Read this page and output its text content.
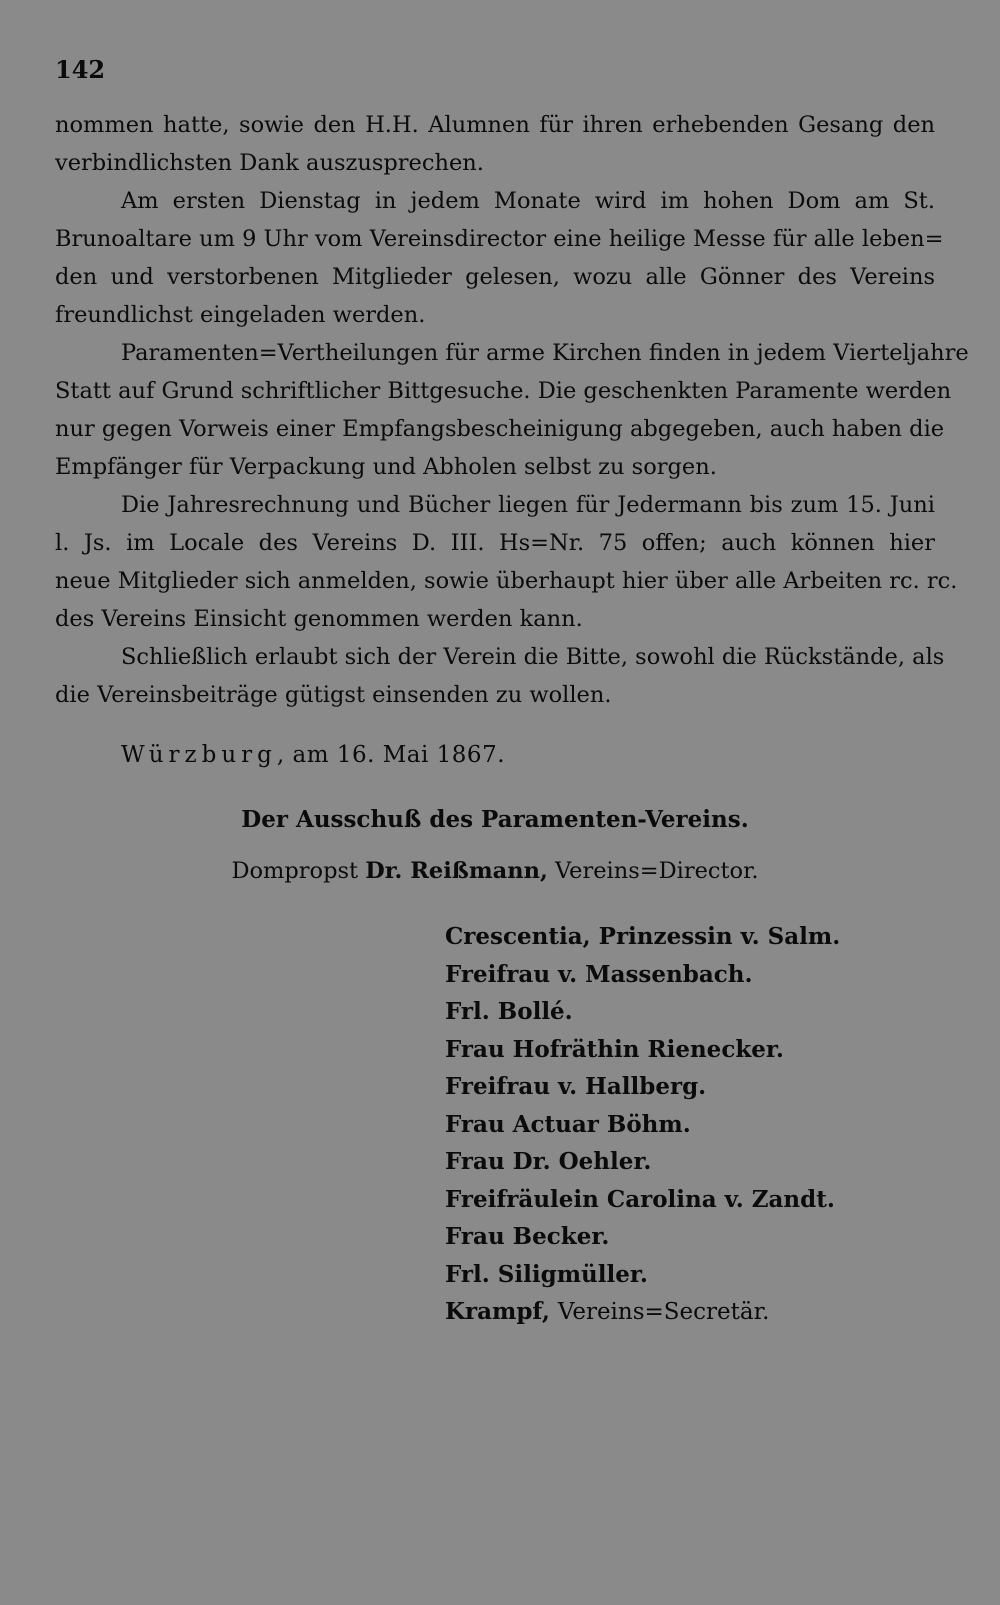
142

nommen hatte, sowie den H.H. Alumnen für ihren erhebenden Gesang den
verbindlichsten Dank auszusprechen.

Am ersten Dienstag in jedem Monate wird im hohen Dom am St.
Brunoaltare um 9 Uhr vom Vereinsdirector eine heilige Messe für alle leben=
den und verstorbenen Mitglieder gelesen, wozu alle Gönner des Vereins
freundlichst eingeladen werden.

Paramenten=Vertheilungen für arme Kirchen finden in jedem Vierteljahre
Statt auf Grund schriftlicher Bittgesuche. Die geschenkten Paramente werden
nur gegen Vorweis einer Empfangsbescheinigung abgegeben, auch haben die
Empfänger für Verpackung und Abholen selbst zu sorgen.

Die Jahresrechnung und Bücher liegen für Jedermann bis zum 15. Juni
l. Js. im Locale des Vereins D. III. Hs=Nr. 75 offen; auch können hier
neue Mitglieder sich anmelden, sowie überhaupt hier über alle Arbeiten rc. rc.
des Vereins Einsicht genommen werden kann.

Schließlich erlaubt sich der Verein die Bitte, sowohl die Rückstände, als
die Vereinsbeiträge gütigst einsenden zu wollen.

Würzburg, am 16. Mai 1867.
Der Ausschuß des Paramenten-Vereins.
Dompropst Dr. Reißmann, Vereins=Director.
Crescentia, Prinzessin v. Salm.
Freifrau v. Massenbach.
Frl. Bollé.
Frau Hofräthin Rienecker.
Freifrau v. Hallberg.
Frau Actuar Böhm.
Frau Dr. Oehler.
Freifräulein Carolina v. Zandt.
Frau Becker.
Frl. Siligmüller.
Krampf, Vereins=Secretär.
